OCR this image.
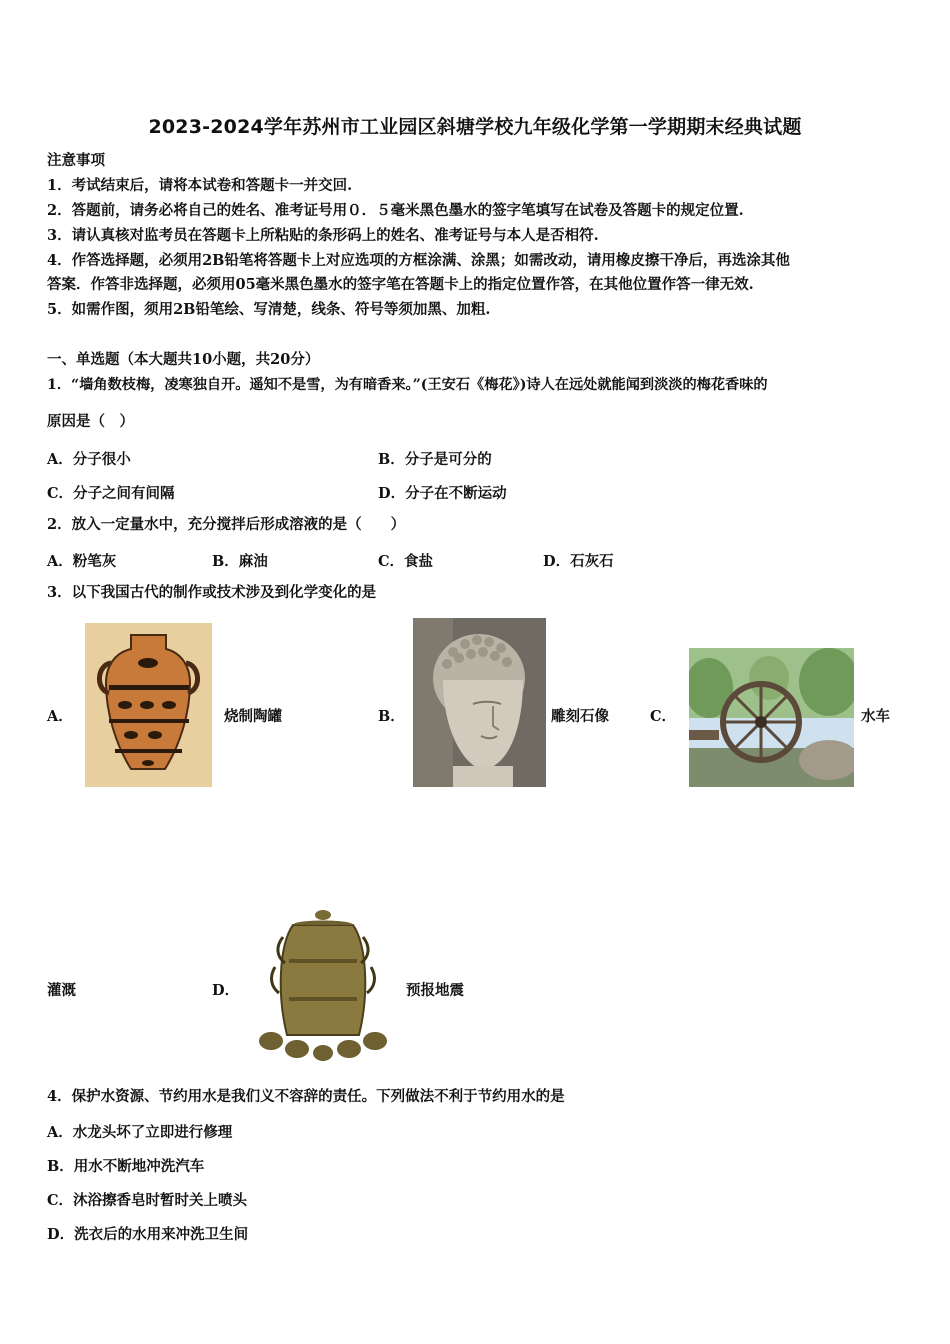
2023-2024学年苏州市工业园区斜塘学校九年级化学第一学期期末经典试题
注意事项
1．考试结束后，请将本试卷和答题卡一并交回.
2．答题前，请务必将自己的姓名、准考证号用０．５毫米黑色墨水的签字笔填写在试卷及答题卡的规定位置.
3．请认真核对监考员在答题卡上所粘贴的条形码上的姓名、准考证号与本人是否相符.
4．作答选择题，必须用2B铅笔将答题卡上对应选项的方框涂满、涂黑；如需改动，请用橡皮擦干净后，再选涂其他
答案．作答非选择题，必须用05毫米黑色墨水的签字笔在答题卡上的指定位置作答，在其他位置作答一律无效.
5．如需作图，须用2B铅笔绘、写清楚，线条、符号等须加黑、加粗.
一、单选题（本大题共10小题，共20分）
1．“墙角数枝梅，凌寒独自开。遥知不是雪，为有暗香来。”(王安石《梅花》)诗人在远处就能闻到淡淡的梅花香味的
原因是（　）
A．分子很小	B．分子是可分的
C．分子之间有间隔	D．分子在不断运动
2．放入一定量水中，充分搅拌后形成溶液的是（　　）
A．粉笔灰	B．麻油	C．食盐	D．石灰石
3．以下我国古代的制作或技术涉及到化学变化的是
A．	烧制陶罐	B．	雕刻石像	C．	水车
灌溉	D．	预报地震
4．保护水资源、节约用水是我们义不容辞的责任。下列做法不利于节约用水的是
A．水龙头坏了立即进行修理
B．用水不断地冲洗汽车
C．沐浴擦香皂时暂时关上喷头
D．洗衣后的水用来冲洗卫生间
